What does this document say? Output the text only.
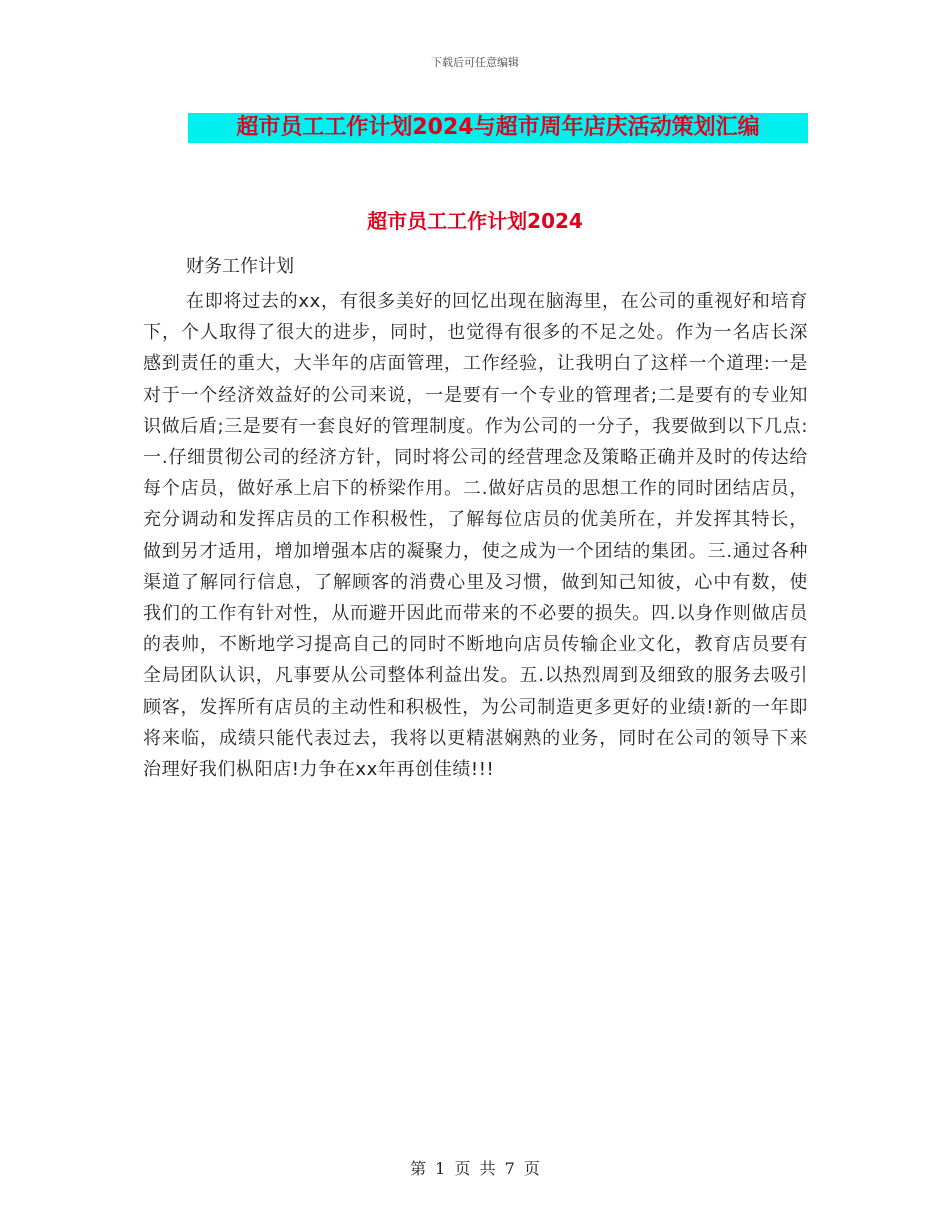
下载后可任意编辑
超市员工工作计划2024与超市周年店庆活动策划汇编
超市员工工作计划2024
财务工作计划

在即将过去的xx，有很多美好的回忆出现在脑海里，在公司的重视好和培育下，个人取得了很大的进步，同时，也觉得有很多的不足之处。作为一名店长深感到责任的重大，大半年的店面管理，工作经验，让我明白了这样一个道理:一是对于一个经济效益好的公司来说，一是要有一个专业的管理者;二是要有的专业知识做后盾;三是要有一套良好的管理制度。作为公司的一分子，我要做到以下几点:一.仔细贯彻公司的经济方针，同时将公司的经营理念及策略正确并及时的传达给每个店员，做好承上启下的桥梁作用。二.做好店员的思想工作的同时团结店员，充分调动和发挥店员的工作积极性，了解每位店员的优美所在，并发挥其特长，做到另才适用，增加增强本店的凝聚力，使之成为一个团结的集团。三.通过各种渠道了解同行信息，了解顾客的消费心里及习惯，做到知己知彼，心中有数，使我们的工作有针对性，从而避开因此而带来的不必要的损失。四.以身作则做店员的表帅，不断地学习提高自己的同时不断地向店员传输企业文化，教育店员要有全局团队认识，凡事要从公司整体利益出发。五.以热烈周到及细致的服务去吸引顾客，发挥所有店员的主动性和积极性，为公司制造更多更好的业绩!新的一年即将来临，成绩只能代表过去，我将以更精湛娴熟的业务，同时在公司的领导下来治理好我们枞阳店!力争在xx年再创佳绩!!!

第 1 页 共 7 页
